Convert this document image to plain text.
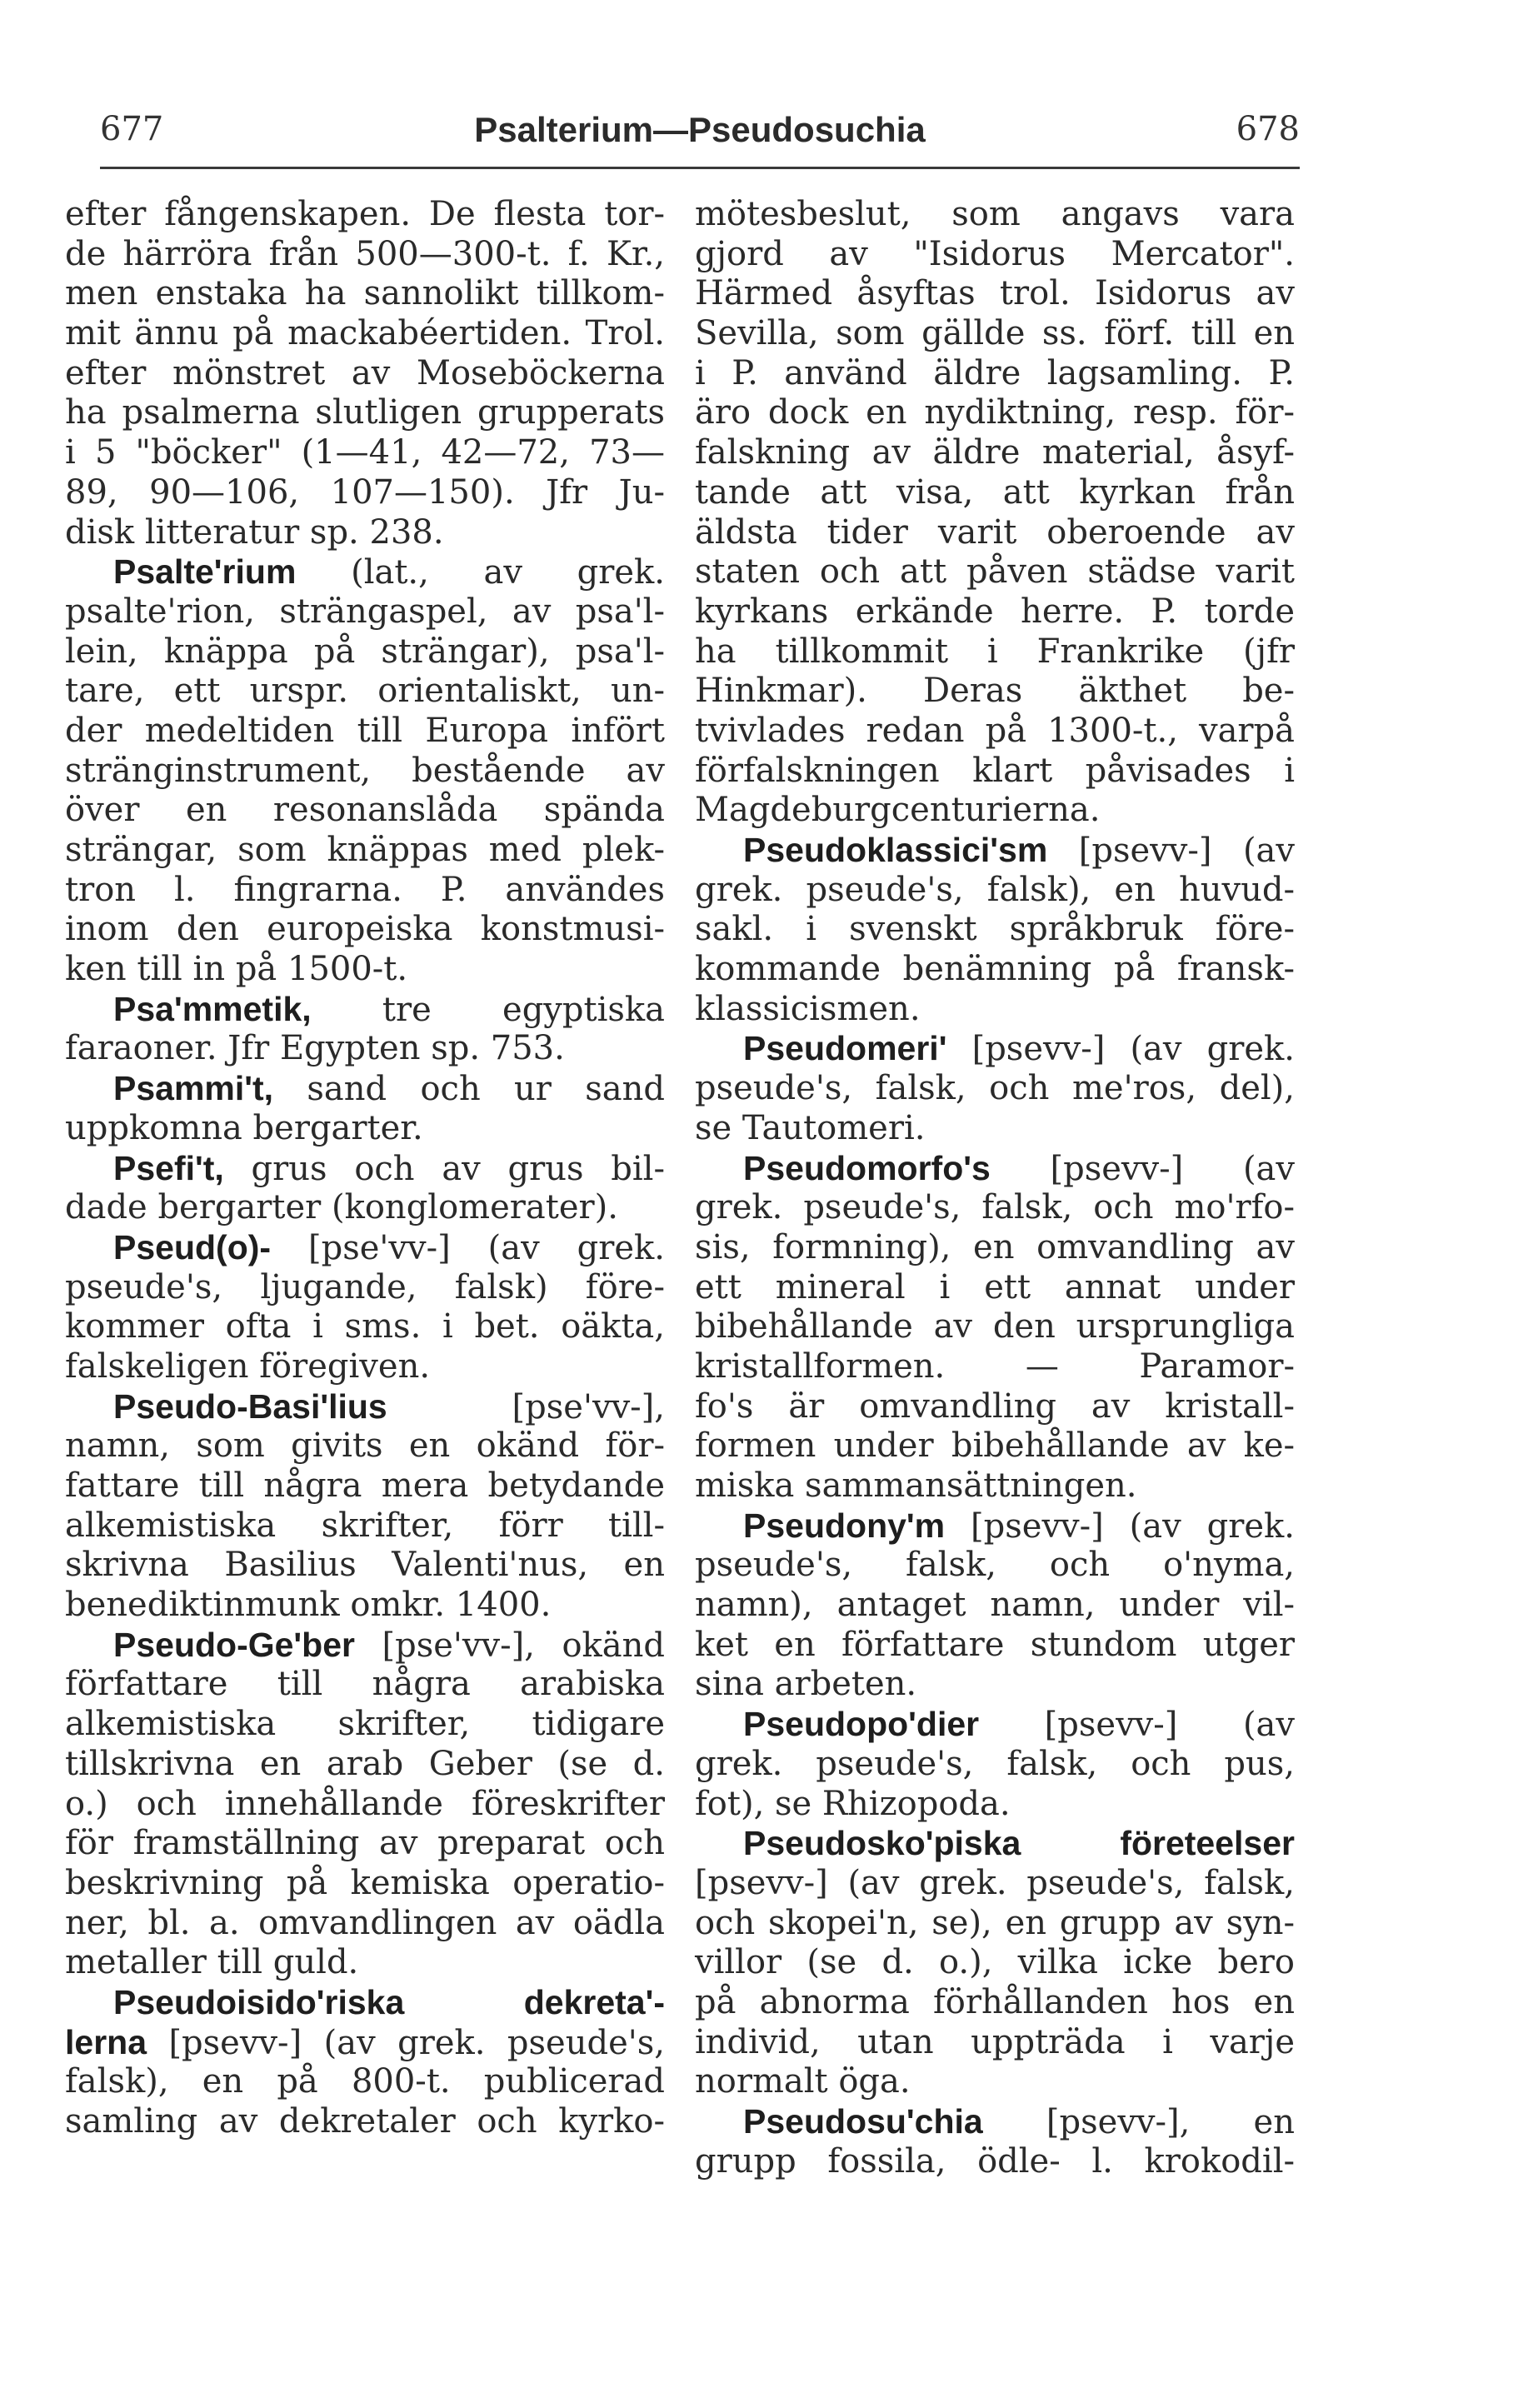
677	Psalterium—Pseudosuchia	678
efter fångenskapen. De flesta tor-
de härröra från 500—300-t. f. Kr.,
men enstaka ha sannolikt tillkom-
mit ännu på mackabéertiden. Trol.
efter mönstret av Moseböckerna
ha psalmerna slutligen grupperats
i 5 "böcker" (1—41, 42—72, 73—
89, 90—106, 107—150). Jfr Ju-
disk litteratur sp. 238.
Psalte'rium (lat., av grek.
psalte'rion, strängaspel, av psa'l-
lein, knäppa på strängar), psa'l-
tare, ett urspr. orientaliskt, un-
der medeltiden till Europa infört
stränginstrument, bestående av
över en resonanslåda spända
strängar, som knäppas med plek-
tron l. fingrarna. P. användes
inom den europeiska konstmusi-
ken till in på 1500-t.
Psa'mmetik, tre egyptiska
faraoner. Jfr Egypten sp. 753.
Psammi't, sand och ur sand
uppkomna bergarter.
Psefi't, grus och av grus bil-
dade bergarter (konglomerater).
Pseud(o)- [pse'vv-] (av grek.
pseude's, ljugande, falsk) före-
kommer ofta i sms. i bet. oäkta,
falskeligen föregiven.
Pseudo-Basi'lius [pse'vv-],
namn, som givits en okänd för-
fattare till några mera betydande
alkemistiska skrifter, förr till-
skrivna Basilius Valenti'nus, en
benediktinmunk omkr. 1400.
Pseudo-Ge'ber [pse'vv-], okänd
författare till några arabiska
alkemistiska skrifter, tidigare
tillskrivna en arab Geber (se d.
o.) och innehållande föreskrifter
för framställning av preparat och
beskrivning på kemiska operatio-
ner, bl. a. omvandlingen av oädla
metaller till guld.
Pseudoisido'riska dekreta'-
lerna [psevv-] (av grek. pseude's,
falsk), en på 800-t. publicerad
samling av dekretaler och kyrko-
mötesbeslut, som angavs vara
gjord av "Isidorus Mercator".
Härmed åsyftas trol. Isidorus av
Sevilla, som gällde ss. förf. till en
i P. använd äldre lagsamling. P.
äro dock en nydiktning, resp. för-
falskning av äldre material, åsyf-
tande att visa, att kyrkan från
äldsta tider varit oberoende av
staten och att påven städse varit
kyrkans erkände herre. P. torde
ha tillkommit i Frankrike (jfr
Hinkmar). Deras äkthet be-
tvivlades redan på 1300-t., varpå
förfalskningen klart påvisades i
Magdeburgcenturierna.
Pseudoklassici'sm [psevv-] (av
grek. pseude's, falsk), en huvud-
sakl. i svenskt språkbruk före-
kommande benämning på fransk-
klassicismen.
Pseudomeri' [psevv-] (av grek.
pseude's, falsk, och me'ros, del),
se Tautomeri.
Pseudomorfo's [psevv-] (av
grek. pseude's, falsk, och mo'rfo-
sis, formning), en omvandling av
ett mineral i ett annat under
bibehållande av den ursprungliga
kristallformen. — Paramor-
fo's är omvandling av kristall-
formen under bibehållande av ke-
miska sammansättningen.
Pseudony'm [psevv-] (av grek.
pseude's, falsk, och o'nyma,
namn), antaget namn, under vil-
ket en författare stundom utger
sina arbeten.
Pseudopo'dier [psevv-] (av
grek. pseude's, falsk, och pus,
fot), se Rhizopoda.
Pseudosko'piska företeelser
[psevv-] (av grek. pseude's, falsk,
och skopei'n, se), en grupp av syn-
villor (se d. o.), vilka icke bero
på abnorma förhållanden hos en
individ, utan uppträda i varje
normalt öga.
Pseudosu'chia [psevv-], en
grupp fossila, ödle- l. krokodil-
